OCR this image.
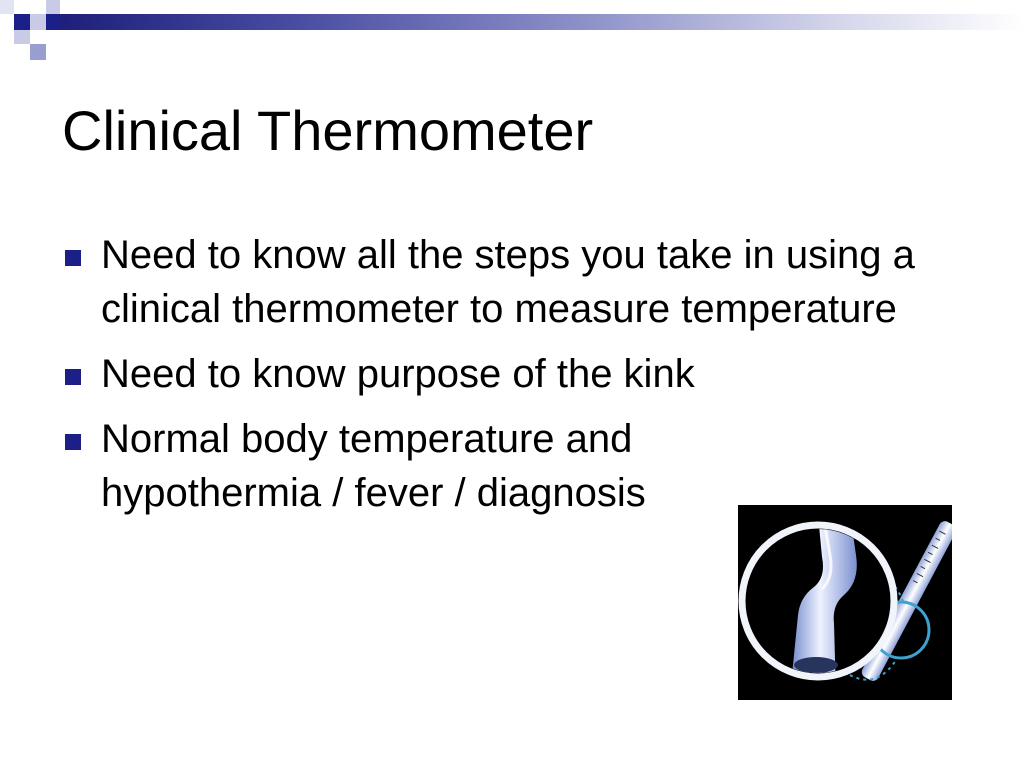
Clinical Thermometer
Need to know all the steps you take in using a clinical thermometer to measure temperature
Need to know purpose of the kink
Normal body temperature and hypothermia / fever / diagnosis
